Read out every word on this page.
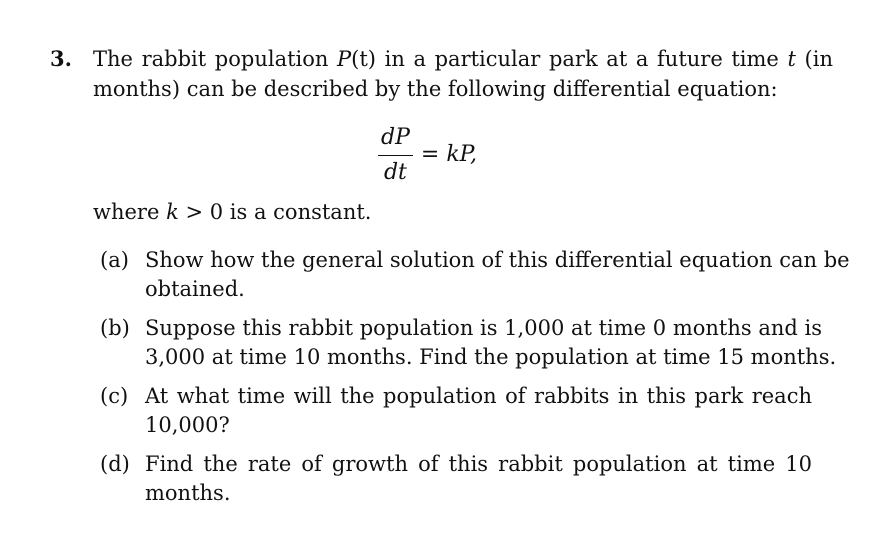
3. The rabbit population P(t) in a particular park at a future time t (in
months) can be described by the following differential equation:
$\frac{dP}{dt}$ = kP,
where k > 0 is a constant.
(a) Show how the general solution of this differential equation can be
obtained.
(b) Suppose this rabbit population is 1,000 at time 0 months and is
3,000 at time 10 months. Find the population at time 15 months.
(c) At what time will the population of rabbits in this park reach
10,000?
(d) Find the rate of growth of this rabbit population at time 10
months.
